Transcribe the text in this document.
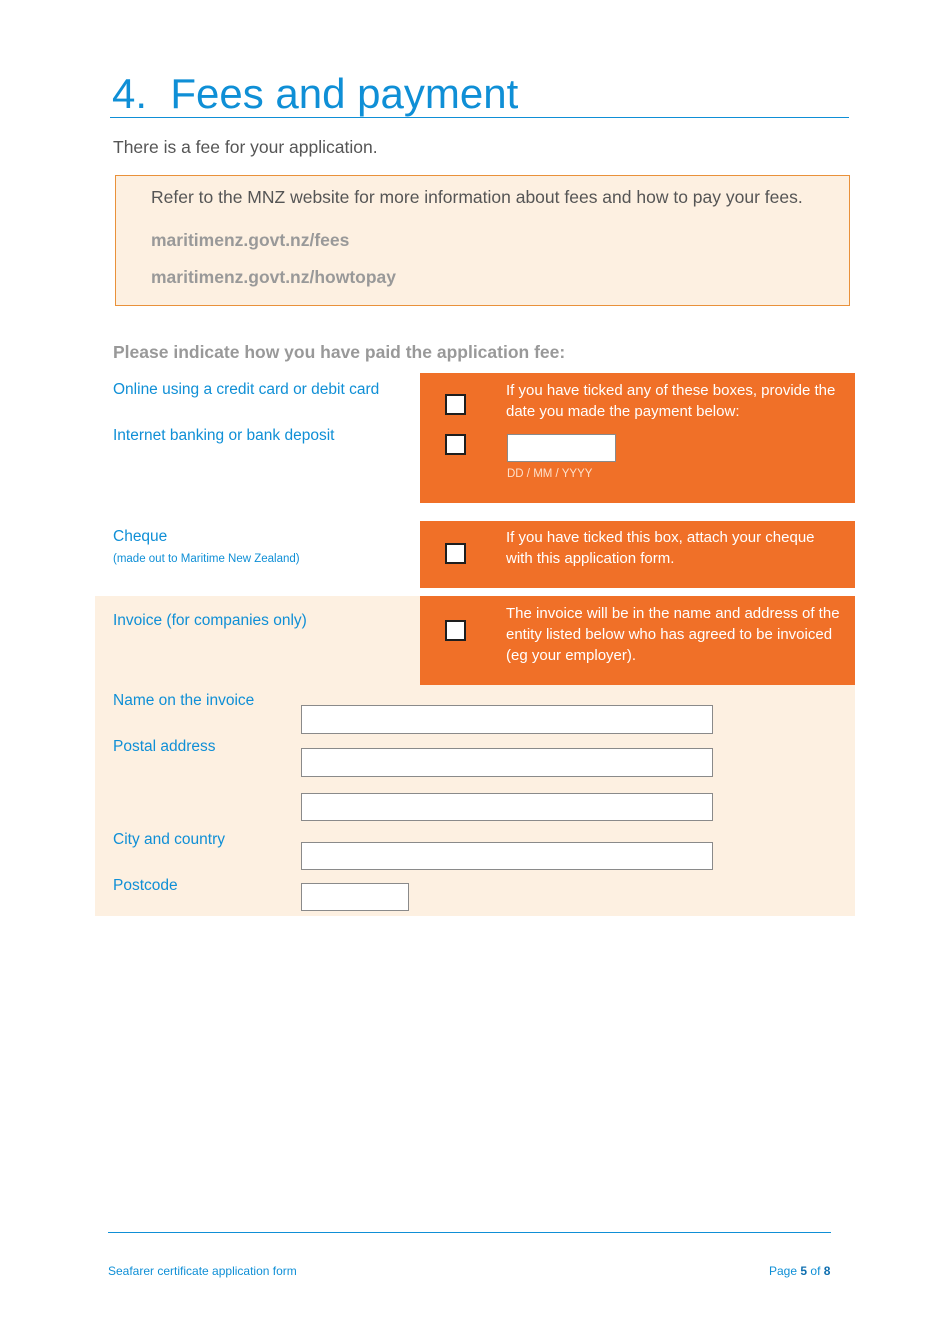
4. Fees and payment
There is a fee for your application.
Refer to the MNZ website for more information about fees and how to pay your fees.
maritimenz.govt.nz/fees
maritimenz.govt.nz/howtopay
Please indicate how you have paid the application fee:
Online using a credit card or debit card
Internet banking or bank deposit
If you have ticked any of these boxes, provide the date you made the payment below:
DD / MM / YYYY
Cheque
(made out to Maritime New Zealand)
If you have ticked this box, attach your cheque with this application form.
Invoice (for companies only)	The invoice will be in the name and address of the entity listed below who has agreed to be invoiced (eg your employer).
Name on the invoice
Postal address
City and country
Postcode
Seafarer certificate application form	Page 5 of 8
